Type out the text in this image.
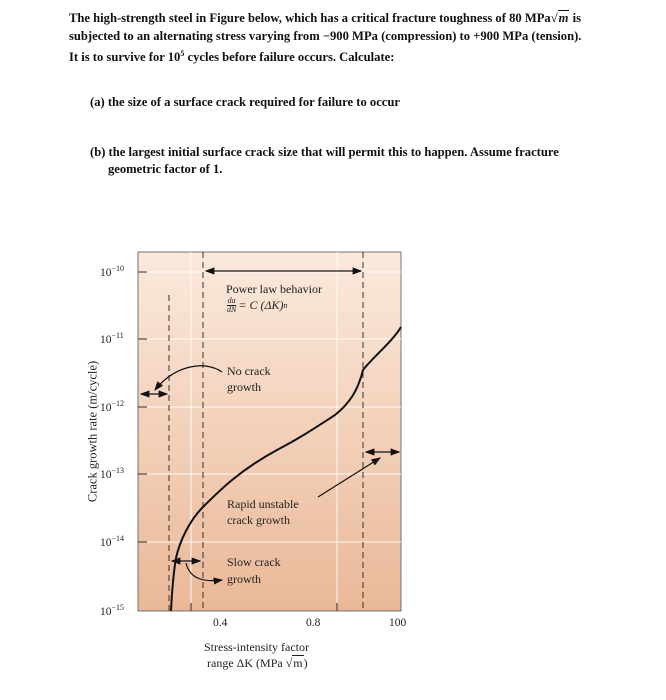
The high-strength steel in Figure below, which has a critical fracture toughness of 80 MPa√m is
subjected to an alternating stress varying from −900 MPa (compression) to +900 MPa (tension).
It is to survive for $10^5$ cycles before failure occurs. Calculate:
(a) the size of a surface crack required for failure to occur
(b) the largest initial surface crack size that will permit this to happen. Assume fracture
geometric factor of 1.
$10^{-10}$
$10^{-11}$
$10^{-12}$
$10^{-13}$
$10^{-14}$
$10^{-15}$
Crack growth rate (m/cycle)
0.4	0.8	100
Stress-intensity factor
range ΔK (MPa √m)
Power law behavior
$\frac{da}{dN} = C$ (ΔK) n
No crack
growth
Rapid unstable
crack growth
Slow crack
growth
